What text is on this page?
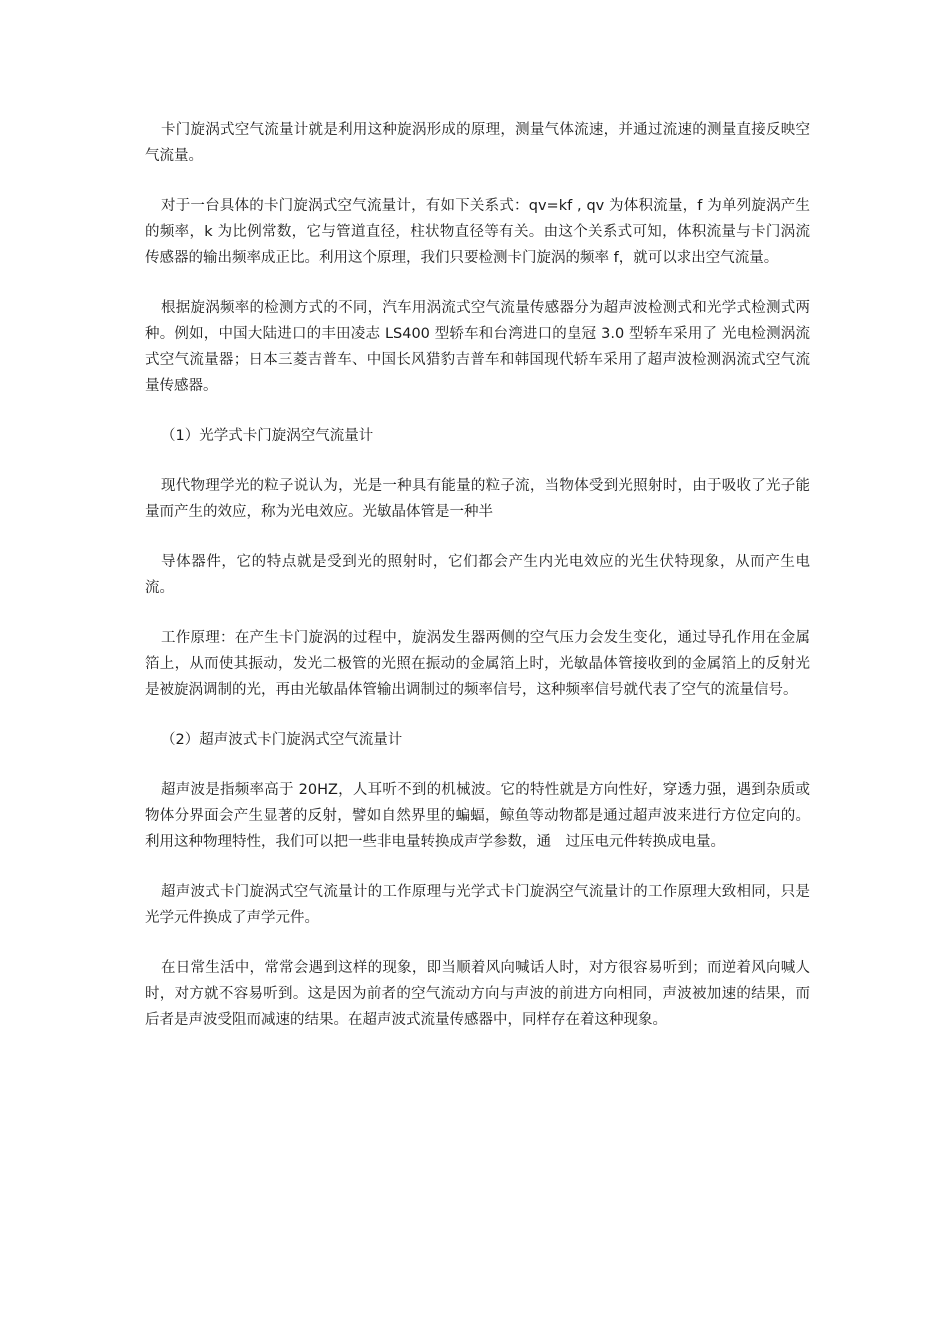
卡门旋涡式空气流量计就是利用这种旋涡形成的原理，测量气体流速，并通过流速的测量直接反映空气流量。

对于一台具体的卡门旋涡式空气流量计，有如下关系式：qv=kf , qv 为体积流量，f 为单列旋涡产生的频率，k 为比例常数，它与管道直径，柱状物直径等有关。由这个关系式可知，体积流量与卡门涡流传感器的输出频率成正比。利用这个原理，我们只要检测卡门旋涡的频率 f，就可以求出空气流量。

根据旋涡频率的检测方式的不同，汽车用涡流式空气流量传感器分为超声波检测式和光学式检测式两种。例如，中国大陆进口的丰田凌志 LS400 型轿车和台湾进口的皇冠 3.0 型轿车采用了 光电检测涡流式空气流量器；日本三菱吉普车、中国长风猎豹吉普车和韩国现代轿车采用了超声波检测涡流式空气流量传感器。

（1）光学式卡门旋涡空气流量计

现代物理学光的粒子说认为，光是一种具有能量的粒子流，当物体受到光照射时，由于吸收了光子能量而产生的效应，称为光电效应。光敏晶体管是一种半

导体器件，它的特点就是受到光的照射时，它们都会产生内光电效应的光生伏特现象，从而产生电流。

工作原理：在产生卡门旋涡的过程中，旋涡发生器两侧的空气压力会发生变化，通过导孔作用在金属箔上，从而使其振动，发光二极管的光照在振动的金属箔上时，光敏晶体管接收到的金属箔上的反射光是被旋涡调制的光，再由光敏晶体管输出调制过的频率信号，这种频率信号就代表了空气的流量信号。

（2）超声波式卡门旋涡式空气流量计

超声波是指频率高于 20HZ，人耳听不到的机械波。它的特性就是方向性好，穿透力强，遇到杂质或物体分界面会产生显著的反射，譬如自然界里的蝙蝠，鲸鱼等动物都是通过超声波来进行方位定向的。利用这种物理特性，我们可以把一些非电量转换成声学参数，通　过压电元件转换成电量。

超声波式卡门旋涡式空气流量计的工作原理与光学式卡门旋涡空气流量计的工作原理大致相同，只是光学元件换成了声学元件。

在日常生活中，常常会遇到这样的现象，即当顺着风向喊话人时，对方很容易听到；而逆着风向喊人时，对方就不容易听到。这是因为前者的空气流动方向与声波的前进方向相同，声波被加速的结果，而后者是声波受阻而减速的结果。在超声波式流量传感器中，同样存在着这种现象。
